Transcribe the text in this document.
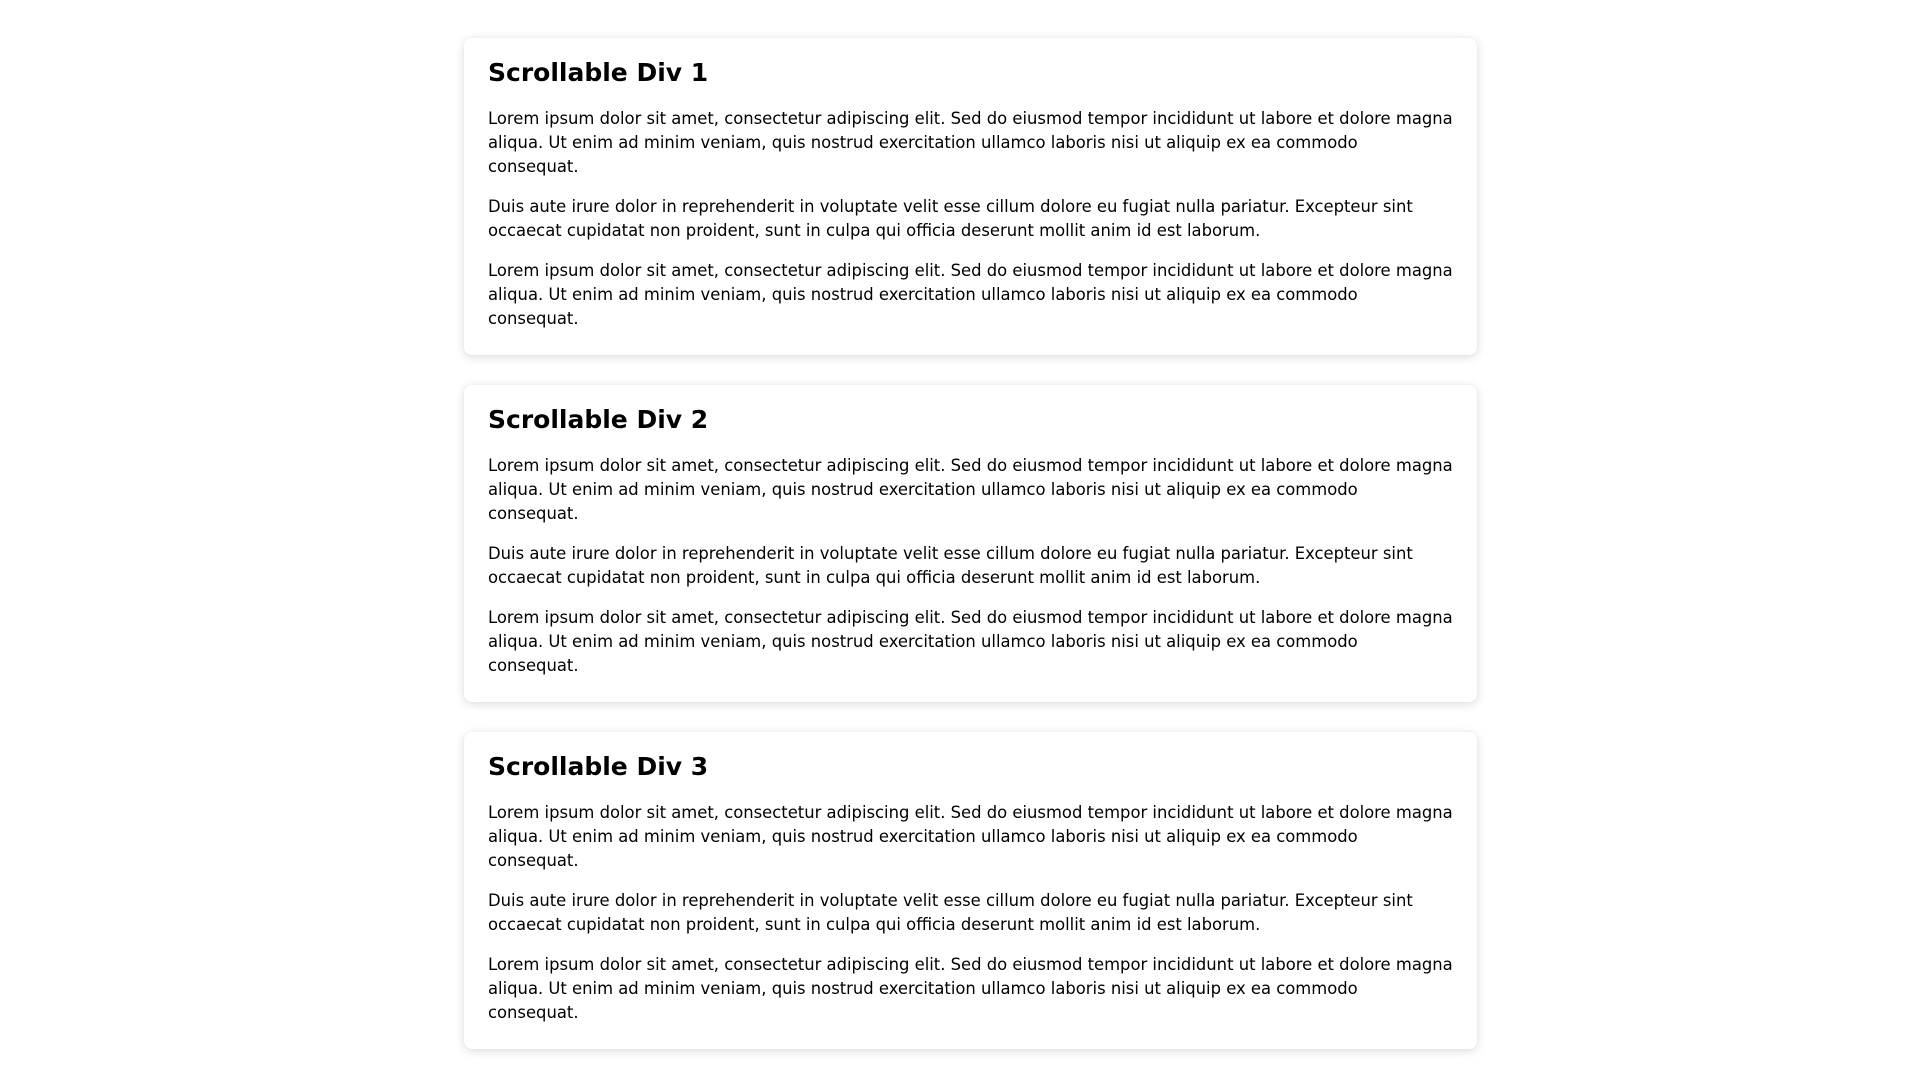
Scrollable Div 1

Lorem ipsum dolor sit amet, consectetur adipiscing elit. Sed do eiusmod tempor incididunt ut labore et dolore magna aliqua. Ut enim ad minim veniam, quis nostrud exercitation ullamco laboris nisi ut aliquip ex ea commodo consequat.

Duis aute irure dolor in reprehenderit in voluptate velit esse cillum dolore eu fugiat nulla pariatur. Excepteur sint occaecat cupidatat non proident, sunt in culpa qui officia deserunt mollit anim id est laborum.

Lorem ipsum dolor sit amet, consectetur adipiscing elit. Sed do eiusmod tempor incididunt ut labore et dolore magna aliqua. Ut enim ad minim veniam, quis nostrud exercitation ullamco laboris nisi ut aliquip ex ea commodo consequat.

Scrollable Div 2

Lorem ipsum dolor sit amet, consectetur adipiscing elit. Sed do eiusmod tempor incididunt ut labore et dolore magna aliqua. Ut enim ad minim veniam, quis nostrud exercitation ullamco laboris nisi ut aliquip ex ea commodo consequat.

Duis aute irure dolor in reprehenderit in voluptate velit esse cillum dolore eu fugiat nulla pariatur. Excepteur sint occaecat cupidatat non proident, sunt in culpa qui officia deserunt mollit anim id est laborum.

Lorem ipsum dolor sit amet, consectetur adipiscing elit. Sed do eiusmod tempor incididunt ut labore et dolore magna aliqua. Ut enim ad minim veniam, quis nostrud exercitation ullamco laboris nisi ut aliquip ex ea commodo consequat.

Scrollable Div 3

Lorem ipsum dolor sit amet, consectetur adipiscing elit. Sed do eiusmod tempor incididunt ut labore et dolore magna aliqua. Ut enim ad minim veniam, quis nostrud exercitation ullamco laboris nisi ut aliquip ex ea commodo consequat.

Duis aute irure dolor in reprehenderit in voluptate velit esse cillum dolore eu fugiat nulla pariatur. Excepteur sint occaecat cupidatat non proident, sunt in culpa qui officia deserunt mollit anim id est laborum.

Lorem ipsum dolor sit amet, consectetur adipiscing elit. Sed do eiusmod tempor incididunt ut labore et dolore magna aliqua. Ut enim ad minim veniam, quis nostrud exercitation ullamco laboris nisi ut aliquip ex ea commodo consequat.
